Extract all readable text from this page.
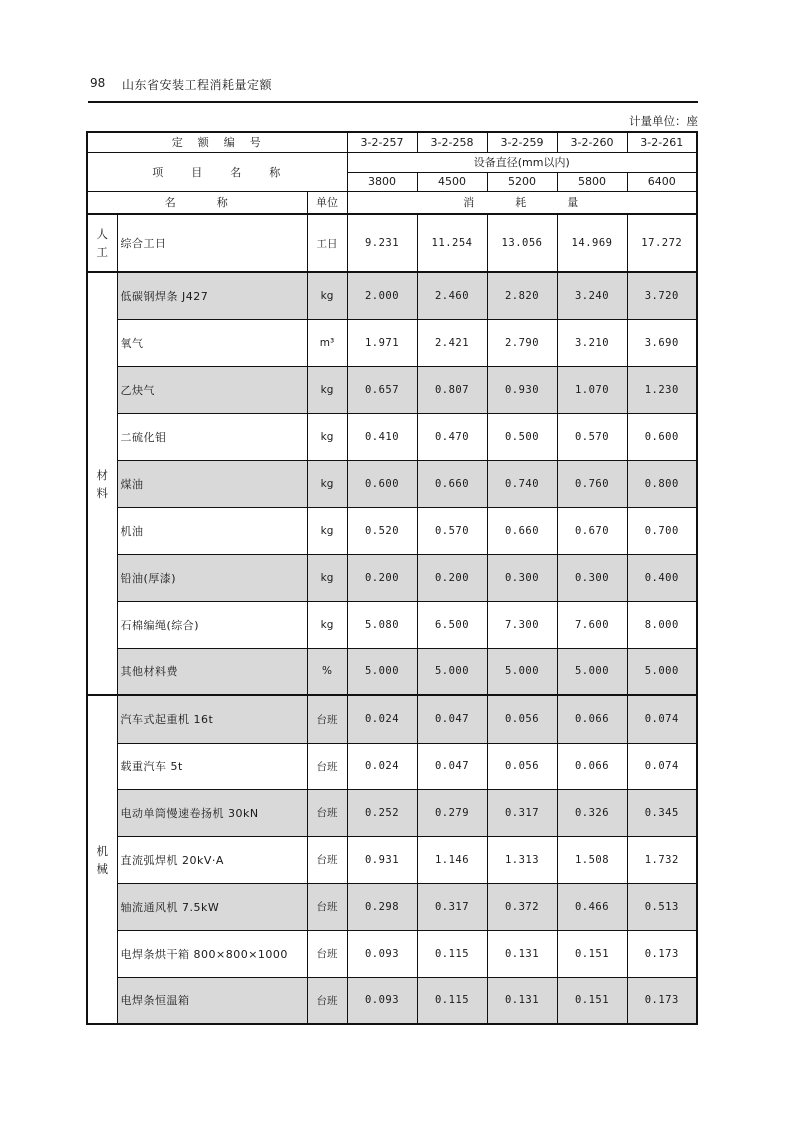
98 山东省安装工程消耗量定额
计量单位：座
定　额　编　号			3-2-257	3-2-258	3-2-259	3-2-260	3-2-261
项　　目　　名　　称			设备直径(mm以内)				
			3800	4500	5200	5800	6400
名　　　称		单位	消　　　耗　　　量				

人
工	综合工日	工日	9.231	11.254	13.056	14.969	17.272

材
料	低碳钢焊条 J427	kg	2.000	2.460	2.820	3.240	3.720
	氧气	m³	1.971	2.421	2.790	3.210	3.690
	乙炔气	kg	0.657	0.807	0.930	1.070	1.230
	二硫化钼	kg	0.410	0.470	0.500	0.570	0.600
	煤油	kg	0.600	0.660	0.740	0.760	0.800
	机油	kg	0.520	0.570	0.660	0.670	0.700
	铅油(厚漆)	kg	0.200	0.200	0.300	0.300	0.400
	石棉编绳(综合)	kg	5.080	6.500	7.300	7.600	8.000
	其他材料费	%	5.000	5.000	5.000	5.000	5.000

机
械	汽车式起重机 16t	台班	0.024	0.047	0.056	0.066	0.074
	载重汽车 5t	台班	0.024	0.047	0.056	0.066	0.074
	电动单筒慢速卷扬机 30kN	台班	0.252	0.279	0.317	0.326	0.345
	直流弧焊机 20kV·A	台班	0.931	1.146	1.313	1.508	1.732
	轴流通风机 7.5kW	台班	0.298	0.317	0.372	0.466	0.513
	电焊条烘干箱 800×800×1000	台班	0.093	0.115	0.131	0.151	0.173
	电焊条恒温箱	台班	0.093	0.115	0.131	0.151	0.173
